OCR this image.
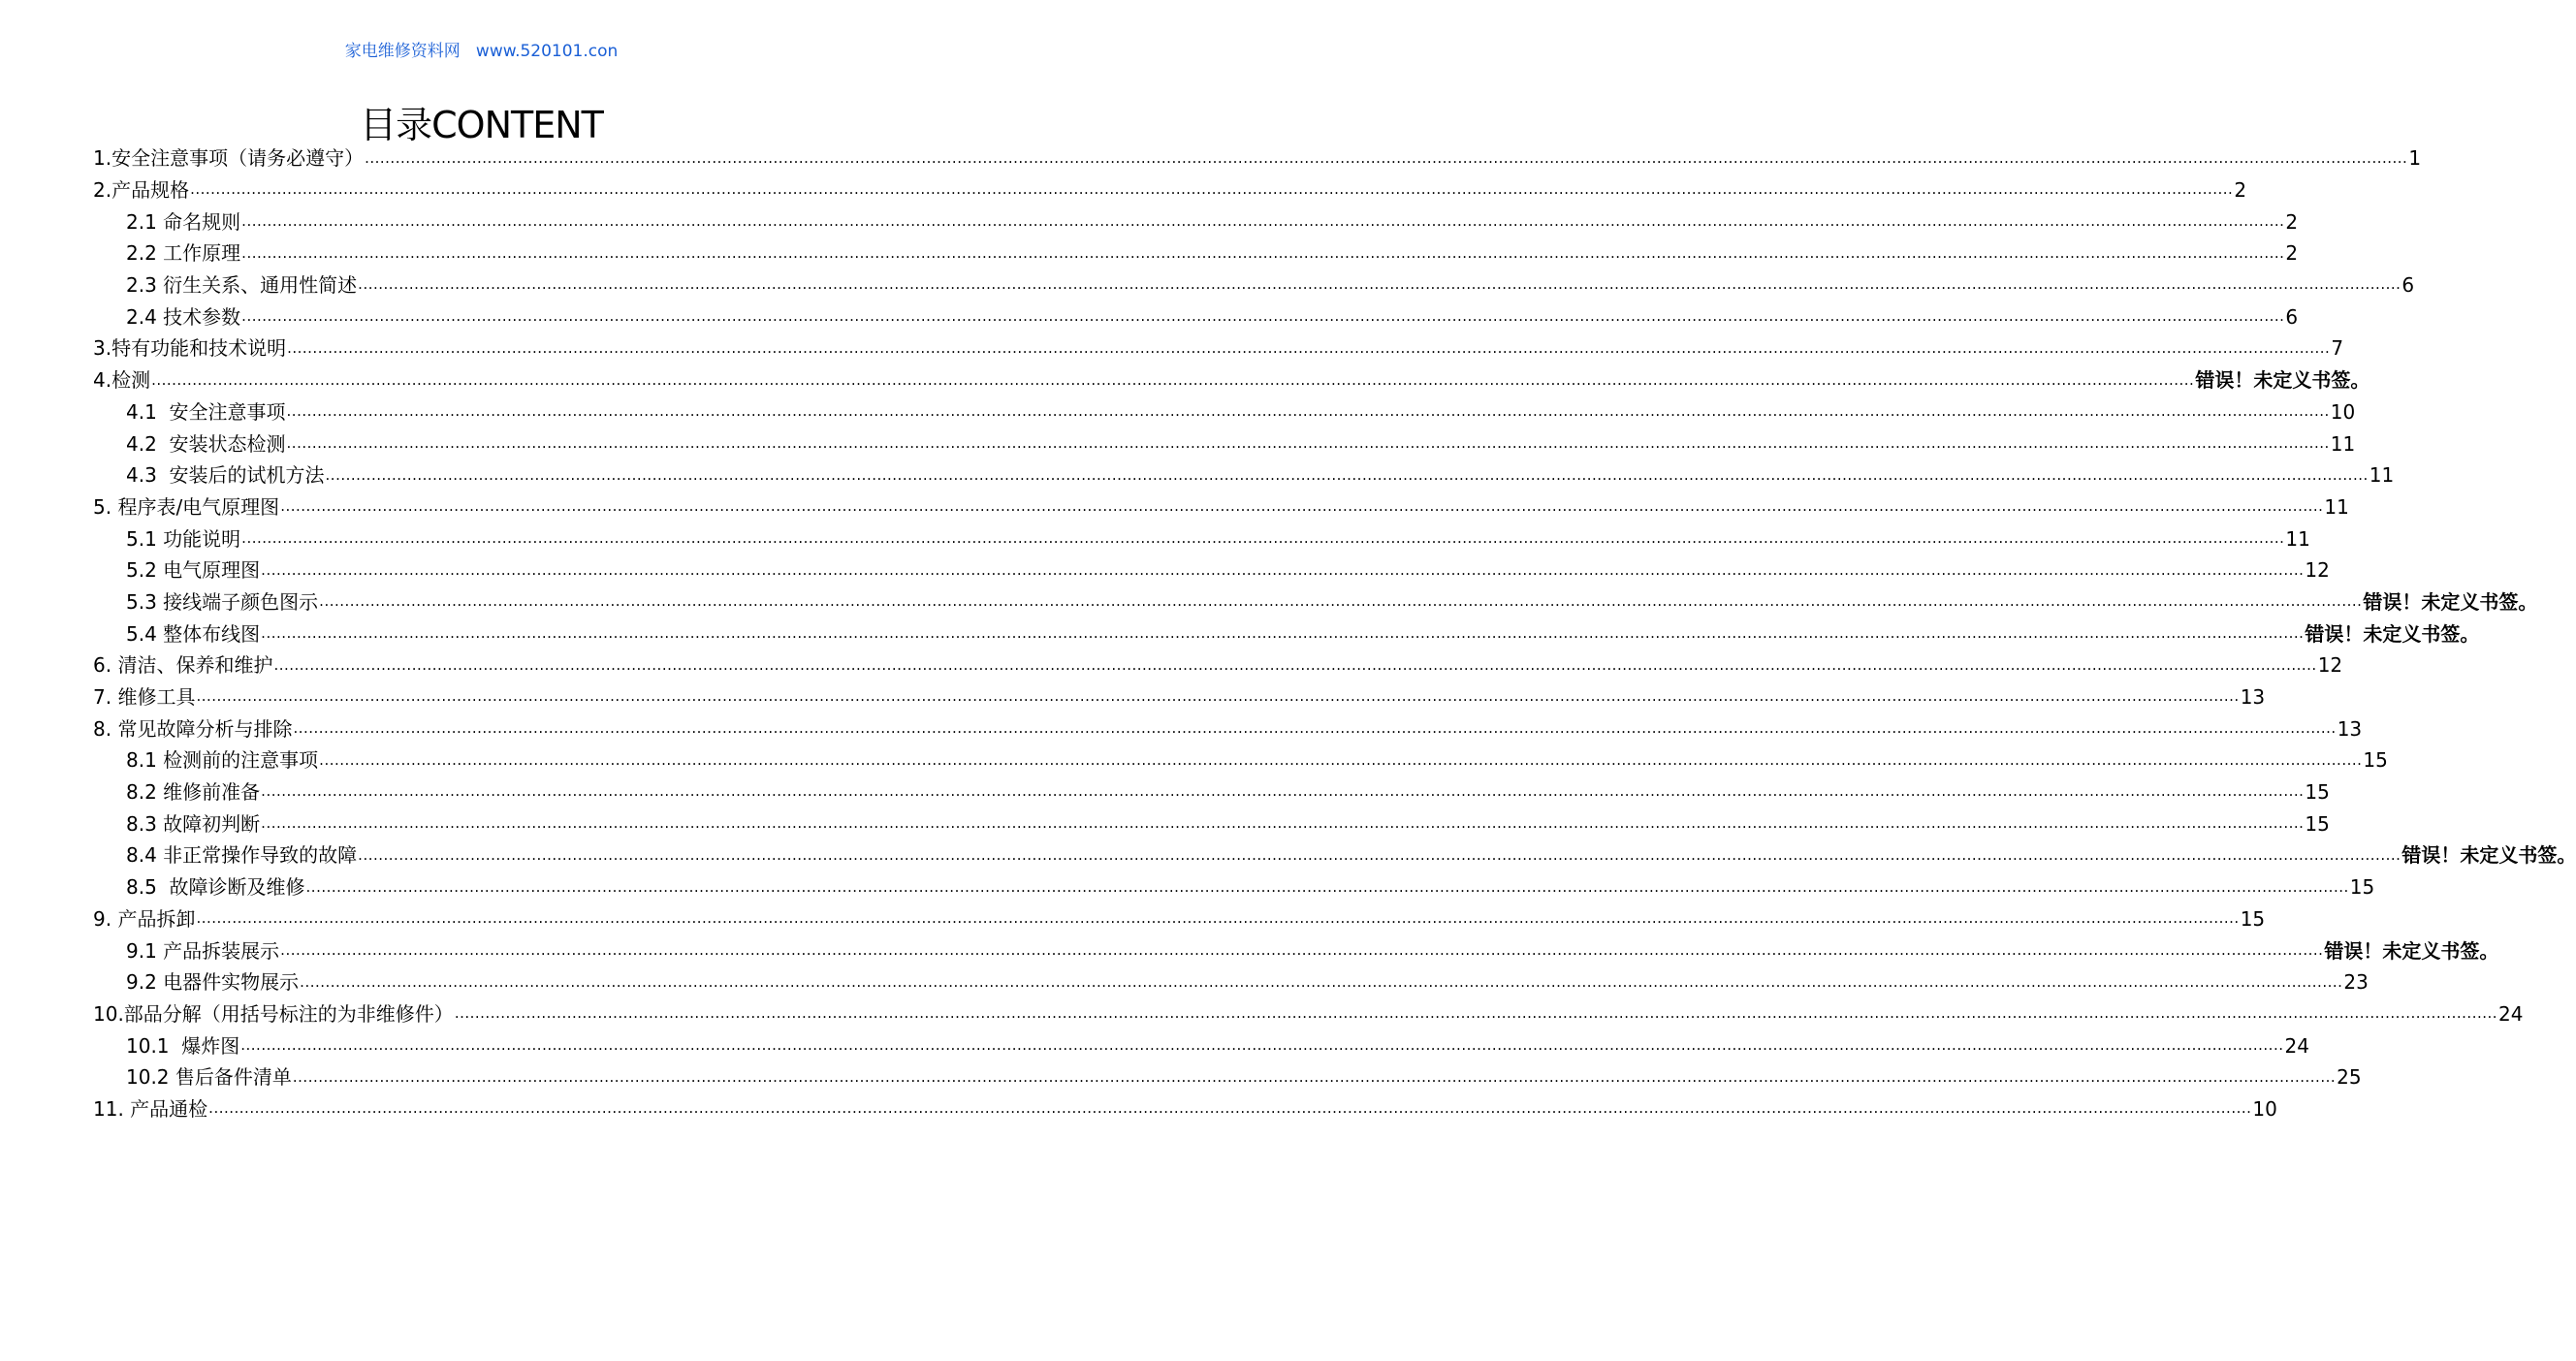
家电维修资料网   www.520101.con
目录CONTENT
1.安全注意事项（请务必遵守） ................................................................................................................................................................................................................................................................................................................................................................................................................ 1
2.产品规格 ................................................................................................................................................................................................................................................................................................................................................................................................................ 2
2.1 命名规则 ................................................................................................................................................................................................................................................................................................................................................................................................................ 2
2.2 工作原理 ................................................................................................................................................................................................................................................................................................................................................................................................................ 2
2.3 衍生关系、通用性简述 ................................................................................................................................................................................................................................................................................................................................................................................................................ 6
2.4 技术参数 ................................................................................................................................................................................................................................................................................................................................................................................................................ 6
3.特有功能和技术说明 ................................................................................................................................................................................................................................................................................................................................................................................................................ 7
4.检测 ................................................................................................................................................................................................................................................................................................................................................................................................................ 错误！未定义书签。
4.1  安全注意事项 ................................................................................................................................................................................................................................................................................................................................................................................................................ 10
4.2  安装状态检测 ................................................................................................................................................................................................................................................................................................................................................................................................................ 11
4.3  安装后的试机方法 ................................................................................................................................................................................................................................................................................................................................................................................................................ 11
5. 程序表/电气原理图 ................................................................................................................................................................................................................................................................................................................................................................................................................ 11
5.1 功能说明 ................................................................................................................................................................................................................................................................................................................................................................................................................ 11
5.2 电气原理图 ................................................................................................................................................................................................................................................................................................................................................................................................................ 12
5.3 接线端子颜色图示 ................................................................................................................................................................................................................................................................................................................................................................................................................ 错误！未定义书签。
5.4 整体布线图 ................................................................................................................................................................................................................................................................................................................................................................................................................ 错误！未定义书签。
6. 清洁、保养和维护 ................................................................................................................................................................................................................................................................................................................................................................................................................ 12
7. 维修工具 ................................................................................................................................................................................................................................................................................................................................................................................................................ 13
8. 常见故障分析与排除 ................................................................................................................................................................................................................................................................................................................................................................................................................ 13
8.1 检测前的注意事项 ................................................................................................................................................................................................................................................................................................................................................................................................................ 15
8.2 维修前准备 ................................................................................................................................................................................................................................................................................................................................................................................................................ 15
8.3 故障初判断 ................................................................................................................................................................................................................................................................................................................................................................................................................ 15
8.4 非正常操作导致的故障 ................................................................................................................................................................................................................................................................................................................................................................................................................ 错误！未定义书签。
8.5  故障诊断及维修 ................................................................................................................................................................................................................................................................................................................................................................................................................ 15
9. 产品拆卸 ................................................................................................................................................................................................................................................................................................................................................................................................................ 15
9.1 产品拆装展示 ................................................................................................................................................................................................................................................................................................................................................................................................................ 错误！未定义书签。
9.2 电器件实物展示 ................................................................................................................................................................................................................................................................................................................................................................................................................ 23
10.部品分解（用括号标注的为非维修件） ................................................................................................................................................................................................................................................................................................................................................................................................................ 24
10.1  爆炸图 ................................................................................................................................................................................................................................................................................................................................................................................................................ 24
10.2 售后备件清单 ................................................................................................................................................................................................................................................................................................................................................................................................................ 25
11. 产品通检 ................................................................................................................................................................................................................................................................................................................................................................................................................ 10
